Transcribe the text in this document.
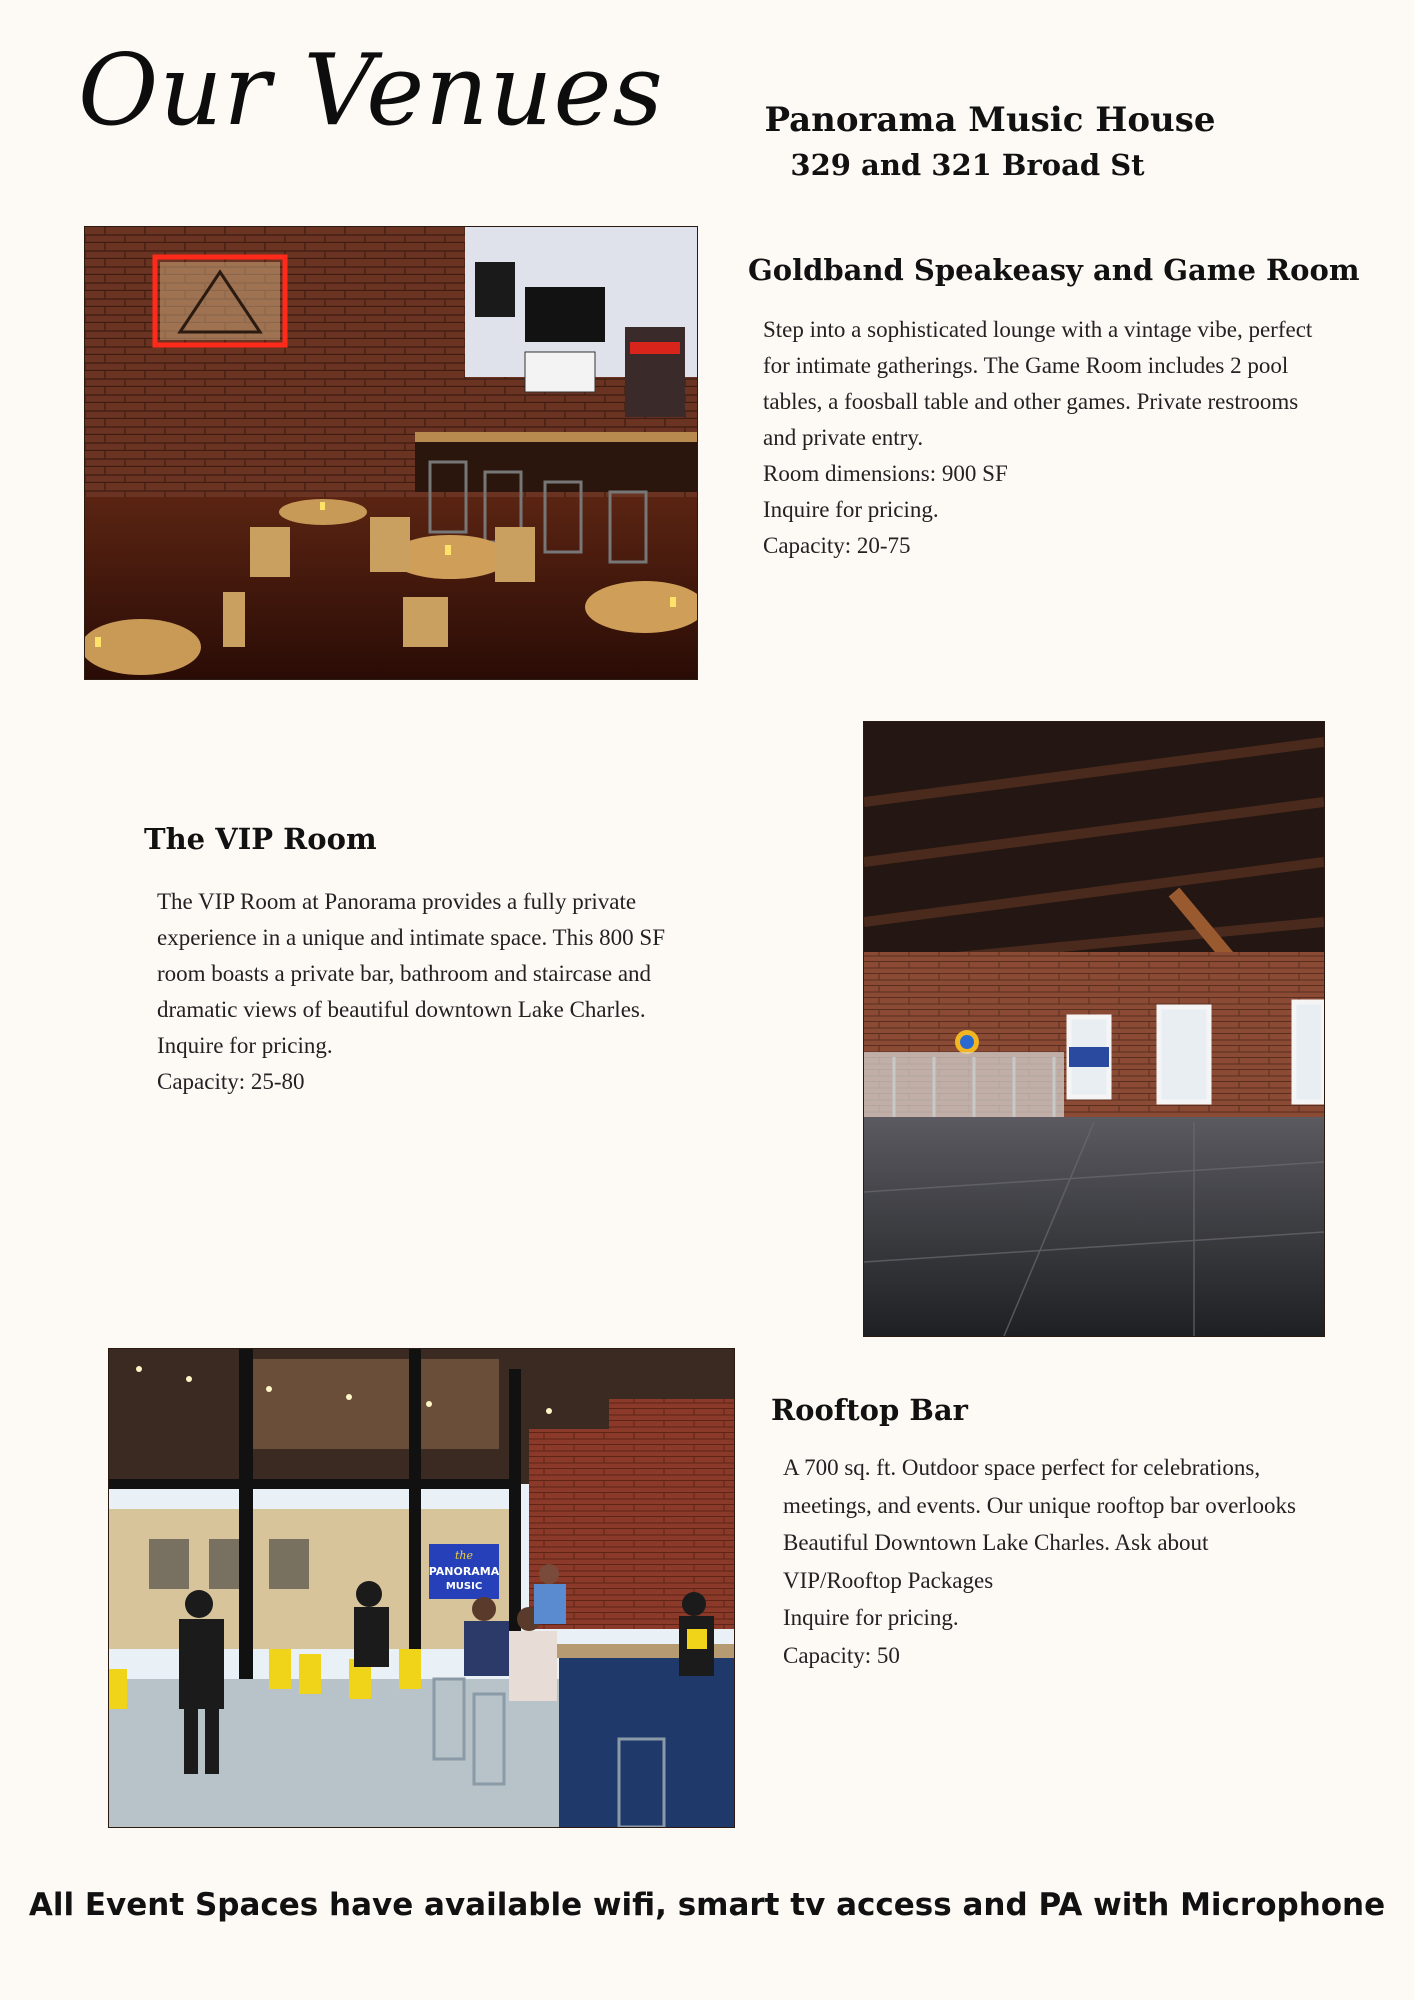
Our Venues	Panorama Music House
329 and 321 Broad St
Goldband Speakeasy and Game Room
Step into a sophisticated lounge with a vintage vibe, perfect for intimate gatherings. The Game Room includes 2 pool tables, a foosball table and other games. Private restrooms and private entry.
Room dimensions: 900 SF
Inquire for pricing.
Capacity: 20-75
The VIP Room
The VIP Room at Panorama provides a fully private experience in a unique and intimate space. This 800 SF room boasts a private bar, bathroom and staircase and dramatic views of beautiful downtown Lake Charles.
Inquire for pricing.
Capacity: 25-80
the
PANORAMA
MUSIC
Rooftop Bar
A 700 sq. ft. Outdoor space perfect for celebrations, meetings, and events. Our unique rooftop bar overlooks Beautiful Downtown Lake Charles. Ask about VIP/Rooftop Packages
Inquire for pricing.
Capacity: 50
All Event Spaces have available wifi, smart tv access and PA with Microphone
